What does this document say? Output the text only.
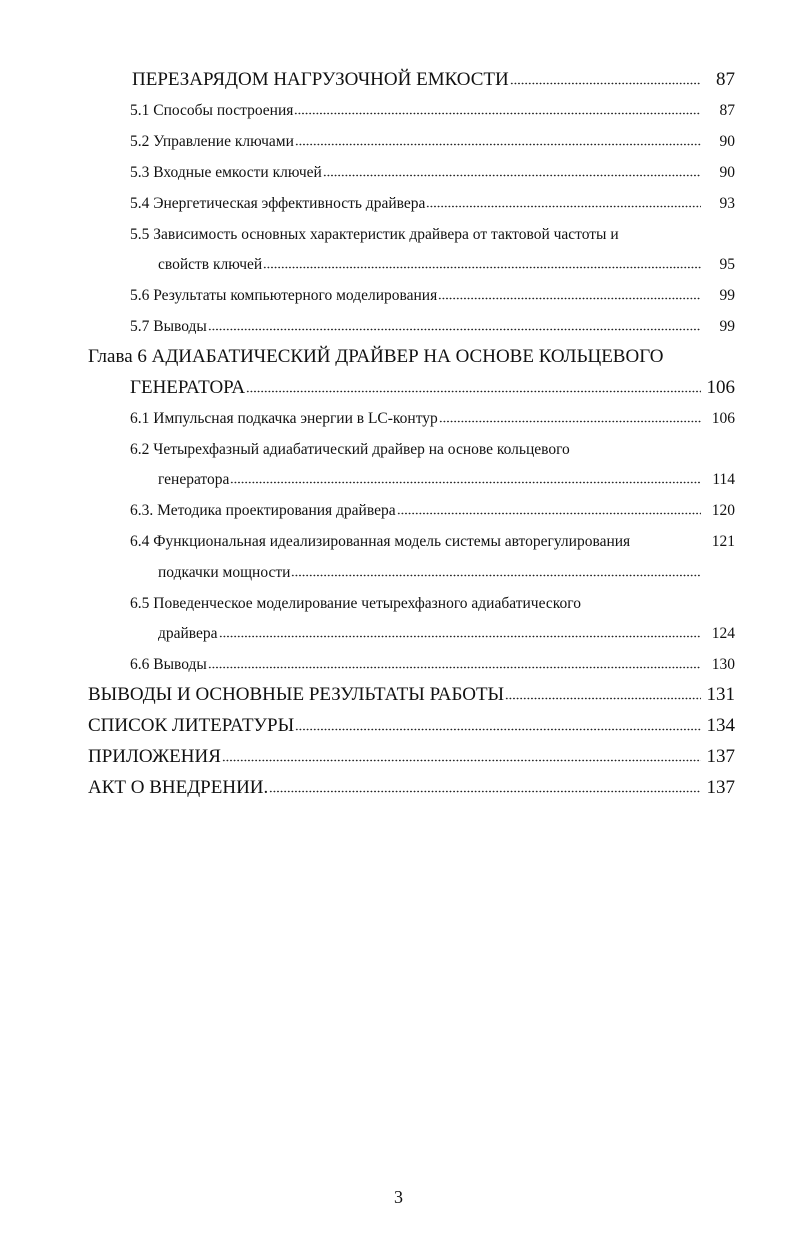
ПЕРЕЗАРЯДОМ НАГРУЗОЧНОЙ ЕМКОСТИ	87
5.1 Способы построения	87
5.2 Управление ключами	90
5.3 Входные емкости ключей	90
5.4 Энергетическая эффективность драйвера	93
5.5 Зависимость основных характеристик драйвера от тактовой частоты и
свойств ключей	95
5.6 Результаты компьютерного моделирования	99
5.7 Выводы	99
Глава 6 АДИАБАТИЧЕСКИЙ ДРАЙВЕР НА ОСНОВЕ КОЛЬЦЕВОГО
ГЕНЕРАТОРА	106
6.1 Импульсная подкачка энергии в LC-контур	106
6.2 Четырехфазный адиабатический драйвер на основе кольцевого
генератора	114
6.3. Методика проектирования драйвера	120
6.4 Функциональная идеализированная модель системы авторегулирования	121
подкачки мощности
6.5 Поведенческое моделирование четырехфазного адиабатического
драйвера	124
6.6 Выводы	130
ВЫВОДЫ И ОСНОВНЫЕ РЕЗУЛЬТАТЫ РАБОТЫ	131
СПИСОК ЛИТЕРАТУРЫ	134
ПРИЛОЖЕНИЯ	137
АКТ О ВНЕДРЕНИИ.	137
3
